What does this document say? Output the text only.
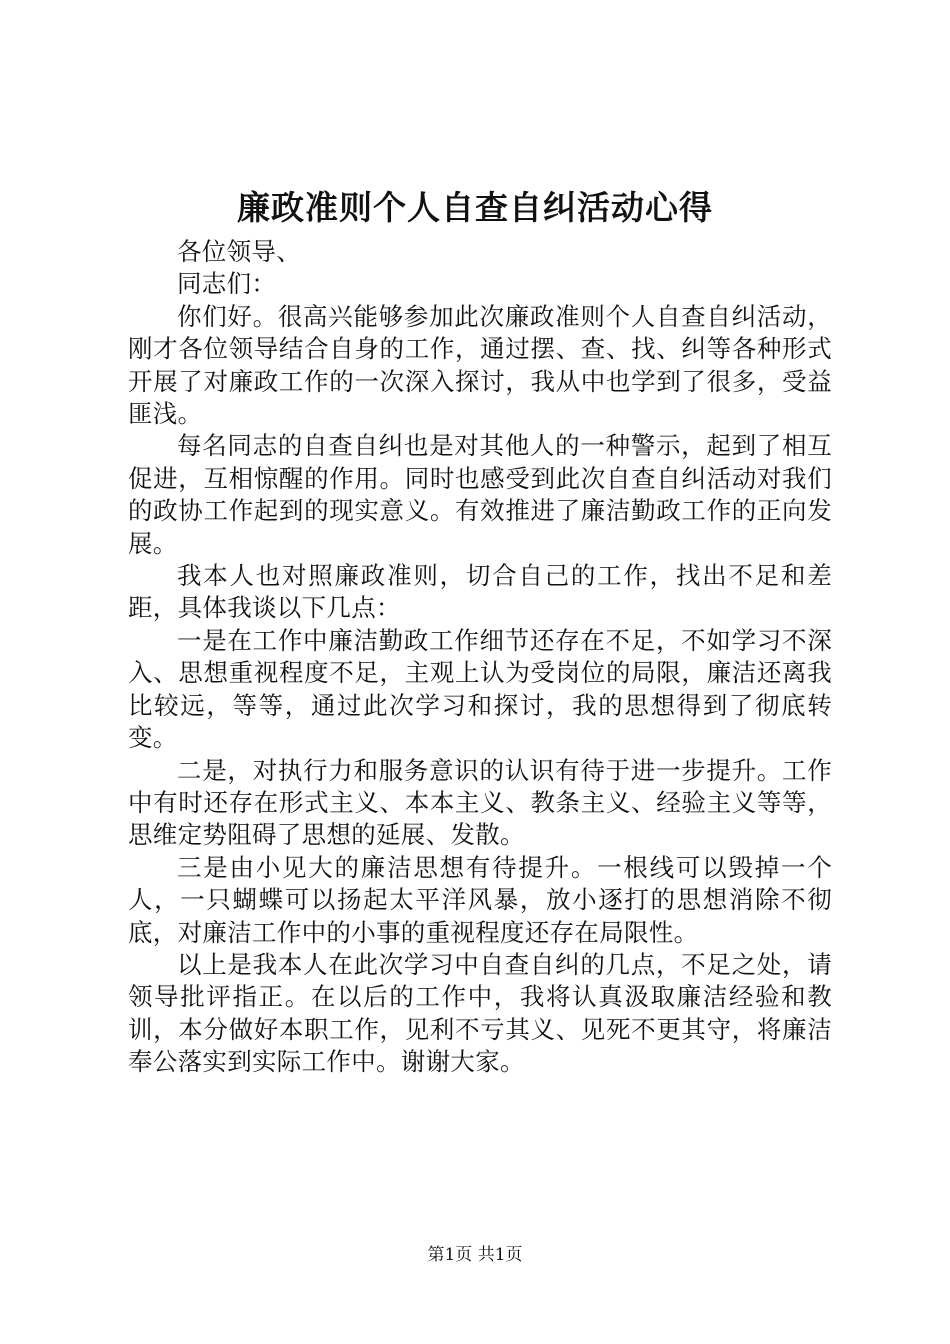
廉政准则个人自查自纠活动心得

各位领导、

同志们：

你们好。很高兴能够参加此次廉政准则个人自查自纠活动，刚才各位领导结合自身的工作，通过摆、查、找、纠等各种形式开展了对廉政工作的一次深入探讨，我从中也学到了很多，受益匪浅。

每名同志的自查自纠也是对其他人的一种警示，起到了相互促进，互相惊醒的作用。同时也感受到此次自查自纠活动对我们的政协工作起到的现实意义。有效推进了廉洁勤政工作的正向发展。

我本人也对照廉政准则，切合自己的工作，找出不足和差距，具体我谈以下几点：

一是在工作中廉洁勤政工作细节还存在不足，不如学习不深入、思想重视程度不足，主观上认为受岗位的局限，廉洁还离我比较远，等等，通过此次学习和探讨，我的思想得到了彻底转变。

二是，对执行力和服务意识的认识有待于进一步提升。工作中有时还存在形式主义、本本主义、教条主义、经验主义等等，思维定势阻碍了思想的延展、发散。

三是由小见大的廉洁思想有待提升。一根线可以毁掉一个人，一只蝴蝶可以扬起太平洋风暴，放小逐打的思想消除不彻底，对廉洁工作中的小事的重视程度还存在局限性。

以上是我本人在此次学习中自查自纠的几点，不足之处，请领导批评指正。在以后的工作中，我将认真汲取廉洁经验和教训，本分做好本职工作，见利不亏其义、见死不更其守，将廉洁奉公落实到实际工作中。谢谢大家。

第1页 共1页
